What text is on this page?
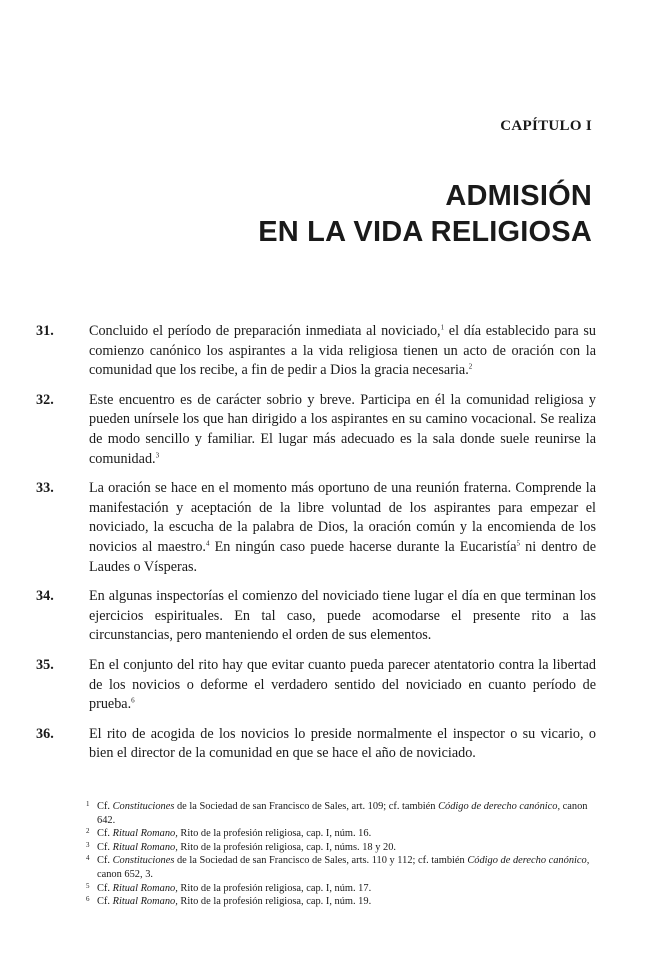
CAPÍTULO I
ADMISIÓN
EN LA VIDA RELIGIOSA
31. Concluido el período de preparación inmediata al noviciado,$^1$ el día establecido para su comienzo canónico los aspirantes a la vida religiosa tienen un acto de oración con la comunidad que los recibe, a fin de pedir a Dios la gracia necesaria.$^2$
32. Este encuentro es de carácter sobrio y breve. Participa en él la comunidad religiosa y pueden unírsele los que han dirigido a los aspirantes en su camino vocacional. Se realiza de modo sencillo y familiar. El lugar más adecuado es la sala donde suele reunirse la comunidad.$^3$
33. La oración se hace en el momento más oportuno de una reunión fraterna. Comprende la manifestación y aceptación de la libre voluntad de los aspirantes para empezar el noviciado, la escucha de la palabra de Dios, la oración común y la encomienda de los novicios al maestro.$^4$ En ningún caso puede hacerse durante la Eucaristía$^5$ ni dentro de Laudes o Vísperas.
34. En algunas inspectorías el comienzo del noviciado tiene lugar el día en que terminan los ejercicios espirituales. En tal caso, puede acomodarse el presente rito a las circunstancias, pero manteniendo el orden de sus elementos.
35. En el conjunto del rito hay que evitar cuanto pueda parecer atentatorio contra la libertad de los novicios o deforme el verdadero sentido del noviciado en cuanto período de prueba.$^6$
36. El rito de acogida de los novicios lo preside normalmente el inspector o su vicario, o bien el director de la comunidad en que se hace el año de noviciado.

1 Cf. Constituciones de la Sociedad de san Francisco de Sales, art. 109; cf. también Código de derecho canónico, canon 642.

2 Cf. Ritual Romano, Rito de la profesión religiosa, cap. I, núm. 16.

3 Cf. Ritual Romano, Rito de la profesión religiosa, cap. I, núms. 18 y 20.

4 Cf. Constituciones de la Sociedad de san Francisco de Sales, arts. 110 y 112; cf. también Código de derecho canónico, canon 652, 3.

5 Cf. Ritual Romano, Rito de la profesión religiosa, cap. I, núm. 17.

6 Cf. Ritual Romano, Rito de la profesión religiosa, cap. I, núm. 19.
